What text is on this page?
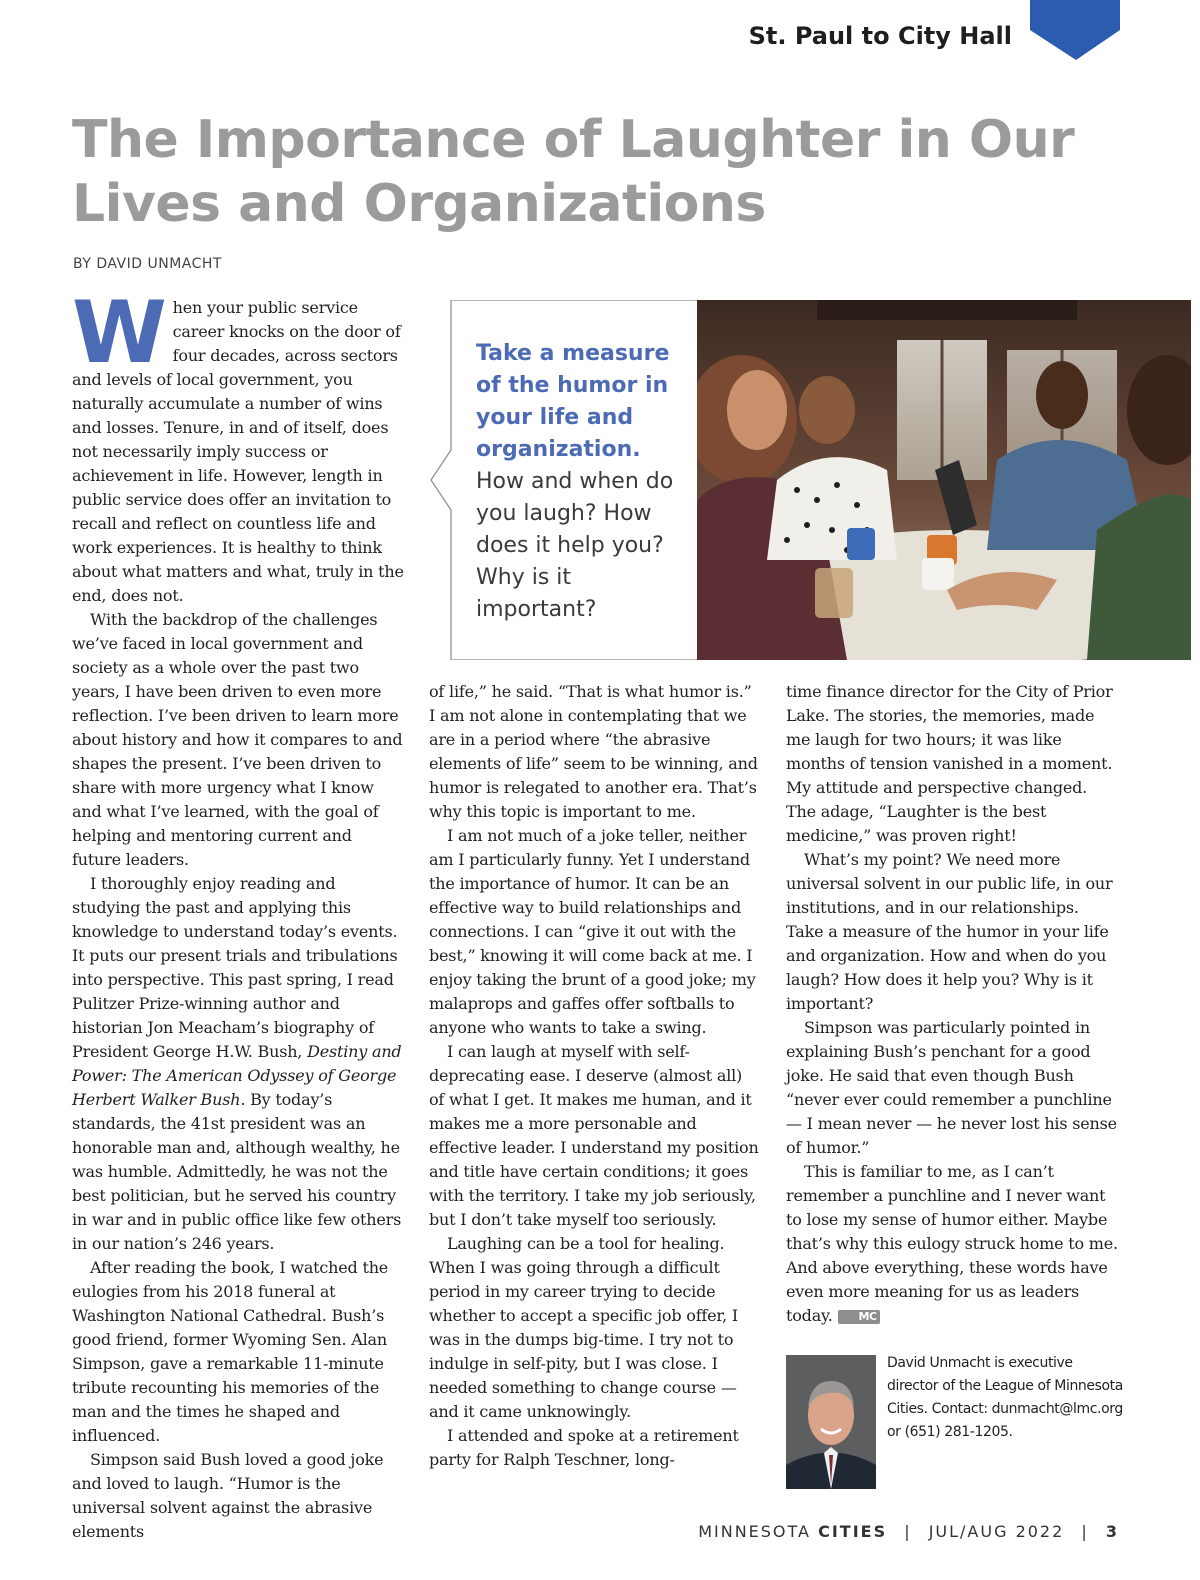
St. Paul to City Hall
The Importance of Laughter in Our Lives and Organizations
BY DAVID UNMACHT

When your public service career knocks on the door of four decades, across sectors and levels of local government, you naturally accumulate a number of wins and losses. Tenure, in and of itself, does not necessarily imply success or achievement in life. However, length in public service does offer an invitation to recall and reflect on countless life and work experiences. It is healthy to think about what matters and what, truly in the end, does not.

With the backdrop of the challenges we’ve faced in local government and society as a whole over the past two years, I have been driven to even more reflection. I’ve been driven to learn more about history and how it compares to and shapes the present. I’ve been driven to share with more urgency what I know and what I’ve learned, with the goal of helping and mentoring current and future leaders.

I thoroughly enjoy reading and studying the past and applying this knowledge to understand today’s events. It puts our present trials and tribulations into perspective. This past spring, I read Pulitzer Prize-winning author and historian Jon Meacham’s biography of President George H.W. Bush, Destiny and Power: The American Odyssey of George Herbert Walker Bush. By today’s standards, the 41st president was an honorable man and, although wealthy, he was humble. Admittedly, he was not the best politician, but he served his country in war and in public office like few others in our nation’s 246 years.

After reading the book, I watched the eulogies from his 2018 funeral at Washington National Cathedral. Bush’s good friend, former Wyoming Sen. Alan Simpson, gave a remarkable 11-minute tribute recounting his memories of the man and the times he shaped and influenced.

Simpson said Bush loved a good joke and loved to laugh. “Humor is the universal solvent against the abrasive elements

Take a measure of the humor in your life and organization.
How and when do you laugh? How does it help you? Why is it important?

of life,” he said. “That is what humor is.” I am not alone in contemplating that we are in a period where “the abrasive elements of life” seem to be winning, and humor is relegated to another era. That’s why this topic is important to me.

I am not much of a joke teller, neither am I particularly funny. Yet I understand the importance of humor. It can be an effective way to build relationships and connections. I can “give it out with the best,” knowing it will come back at me. I enjoy taking the brunt of a good joke; my malaprops and gaffes offer softballs to anyone who wants to take a swing.

I can laugh at myself with self-deprecating ease. I deserve (almost all) of what I get. It makes me human, and it makes me a more personable and effective leader. I understand my position and title have certain conditions; it goes with the territory. I take my job seriously, but I don’t take myself too seriously.

Laughing can be a tool for healing. When I was going through a difficult period in my career trying to decide whether to accept a specific job offer, I was in the dumps big-time. I try not to indulge in self-pity, but I was close. I needed something to change course — and it came unknowingly.

I attended and spoke at a retirement party for Ralph Teschner, long-

time finance director for the City of Prior Lake. The stories, the memories, made me laugh for two hours; it was like months of tension vanished in a moment. My attitude and perspective changed. The adage, “Laughter is the best medicine,” was proven right!

What’s my point? We need more universal solvent in our public life, in our institutions, and in our relationships. Take a measure of the humor in your life and organization. How and when do you laugh? How does it help you? Why is it important?

Simpson was particularly pointed in explaining Bush’s penchant for a good joke. He said that even though Bush “never ever could remember a punchline — I mean never — he never lost his sense of humor.”

This is familiar to me, as I can’t remember a punchline and I never want to lose my sense of humor either. Maybe that’s why this eulogy struck home to me. And above everything, these words have even more meaning for us as leaders today. MC

David Unmacht is executive director of the League of Minnesota Cities. Contact: dunmacht@lmc.org or (651) 281-1205.
MINNESOTA CITIES | JUL/AUG 2022 | 3
